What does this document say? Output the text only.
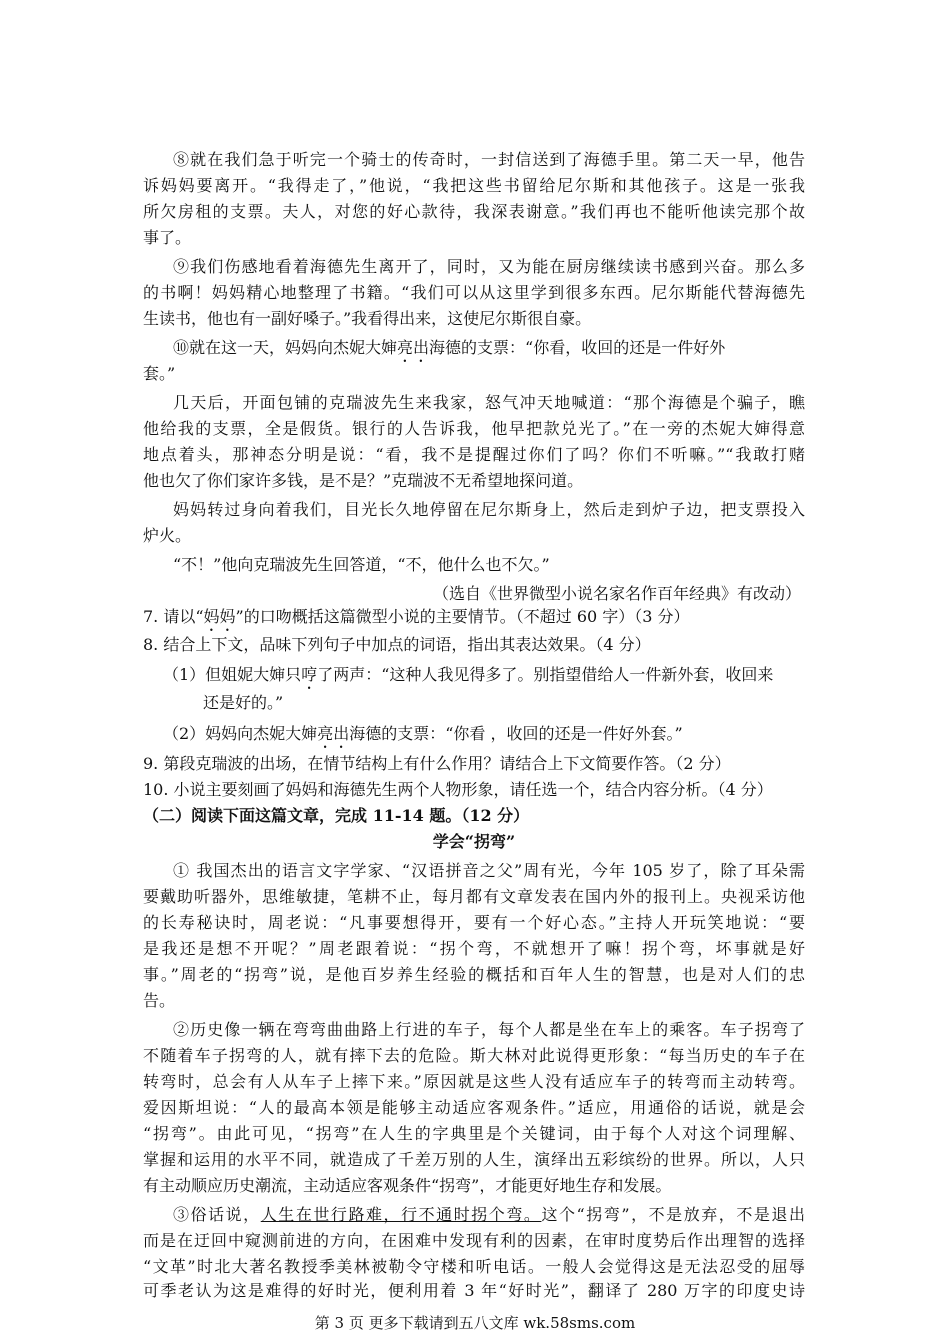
⑧就在我们急于听完一个骑士的传奇时，一封信送到了海德手里。第二天一早，他告
诉妈妈要离开。“我得走了，”他说，“我把这些书留给尼尔斯和其他孩子。这是一张我
所欠房租的支票。夫人，对您的好心款待，我深表谢意。”我们再也不能听他读完那个故
事了。
⑨我们伤感地看着海德先生离开了，同时，又为能在厨房继续读书感到兴奋。那么多
的书啊！妈妈精心地整理了书籍。“我们可以从这里学到很多东西。尼尔斯能代替海德先
生读书，他也有一副好嗓子。”我看得出来，这使尼尔斯很自豪。
⑩就在这一天，妈妈向杰妮大婶亮出海德的支票：“你看，收回的还是一件好外
套。”
几天后，开面包铺的克瑞波先生来我家，怒气冲天地喊道：“那个海德是个骗子，瞧
他给我的支票，全是假货。银行的人告诉我，他早把款兑光了。”在一旁的杰妮大婶得意
地点着头，那神态分明是说：“看，我不是提醒过你们了吗？你们不听嘛。”“我敢打赌
他也欠了你们家许多钱，是不是？”克瑞波不无希望地探问道。
妈妈转过身向着我们，目光长久地停留在尼尔斯身上，然后走到炉子边，把支票投入
炉火。
“不！”他向克瑞波先生回答道，“不，他什么也不欠。”
（选自《世界微型小说名家名作百年经典》有改动）
7. 请以“妈妈”的口吻概括这篇微型小说的主要情节。（不超过 60 字）（3 分）
8. 结合上下文，品味下列句子中加点的词语，指出其表达效果。（4 分）
（1）但姐妮大婶只哼了两声：“这种人我见得多了。别指望借给人一件新外套，收回来
还是好的。”
（2）妈妈向杰妮大婶亮出海德的支票：“你看 ，收回的还是一件好外套。”
9. 第段克瑞波的出场，在情节结构上有什么作用？请结合上下文简要作答。（2 分）
10. 小说主要刻画了妈妈和海德先生两个人物形象，请任选一个，结合内容分析。（4 分）
（二）阅读下面这篇文章，完成 11-14 题。（12 分）
学会“拐弯”
① 我国杰出的语言文字学家、“汉语拼音之父”周有光，今年 105 岁了，除了耳朵需
要戴助听器外，思维敏捷，笔耕不止，每月都有文章发表在国内外的报刊上。央视采访他
的长寿秘诀时，周老说：“凡事要想得开，要有一个好心态。”主持人开玩笑地说：“要
是我还是想不开呢？”周老跟着说：“拐个弯，不就想开了嘛！拐个弯，坏事就是好
事。”周老的“拐弯”说，是他百岁养生经验的概括和百年人生的智慧，也是对人们的忠
告。
②历史像一辆在弯弯曲曲路上行进的车子，每个人都是坐在车上的乘客。车子拐弯了
不随着车子拐弯的人，就有摔下去的危险。斯大林对此说得更形象：“每当历史的车子在
转弯时，总会有人从车子上摔下来。”原因就是这些人没有适应车子的转弯而主动转弯。
爱因斯坦说：“人的最高本领是能够主动适应客观条件。”适应，用通俗的话说，就是会
“拐弯”。由此可见，“拐弯”在人生的字典里是个关键词，由于每个人对这个词理解、
掌握和运用的水平不同，就造成了千差万别的人生，演绎出五彩缤纷的世界。所以，人只
有主动顺应历史潮流，主动适应客观条件“拐弯”，才能更好地生存和发展。
③俗话说，人生在世行路难，行不通时拐个弯。这个“拐弯”，不是放弃，不是退出
而是在迂回中窥测前进的方向，在困难中发现有利的因素，在审时度势后作出理智的选择
“文革”时北大著名教授季美林被勒令守楼和听电话。一般人会觉得这是无法忍受的屈辱
可季老认为这是难得的好时光，便利用着 3 年“好时光”，翻译了 280 万字的印度史诗
第 3 页 更多下载请到五八文库 wk.58sms.com
